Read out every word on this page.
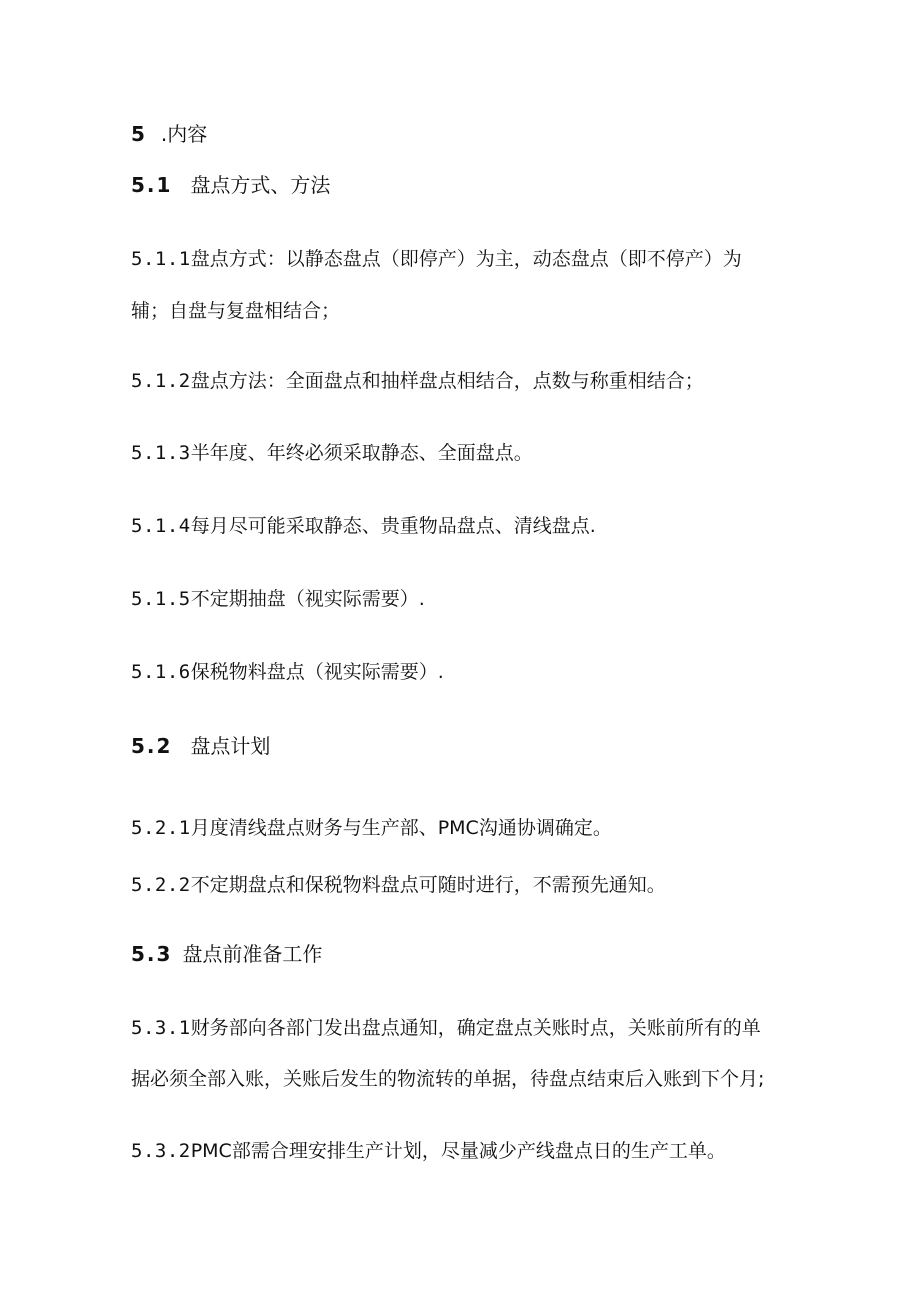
5 .内容

5.1 盘点方式、方法

5.1.1盘点方式：以静态盘点（即停产）为主，动态盘点（即不停产）为

辅；自盘与复盘相结合；

5.1.2盘点方法：全面盘点和抽样盘点相结合，点数与称重相结合；

5.1.3半年度、年终必须采取静态、全面盘点。

5.1.4每月尽可能采取静态、贵重物品盘点、清线盘点.

5.1.5不定期抽盘（视实际需要）.

5.1.6保税物料盘点（视实际需要）.

5.2 盘点计划

5.2.1月度清线盘点财务与生产部、PMC沟通协调确定。

5.2.2不定期盘点和保税物料盘点可随时进行，不需预先通知。

5.3 盘点前准备工作

5.3.1财务部向各部门发出盘点通知，确定盘点关账时点，关账前所有的单

据必须全部入账，关账后发生的物流转的单据，待盘点结束后入账到下个月;

5.3.2PMC部需合理安排生产计划，尽量减少产线盘点日的生产工单。
